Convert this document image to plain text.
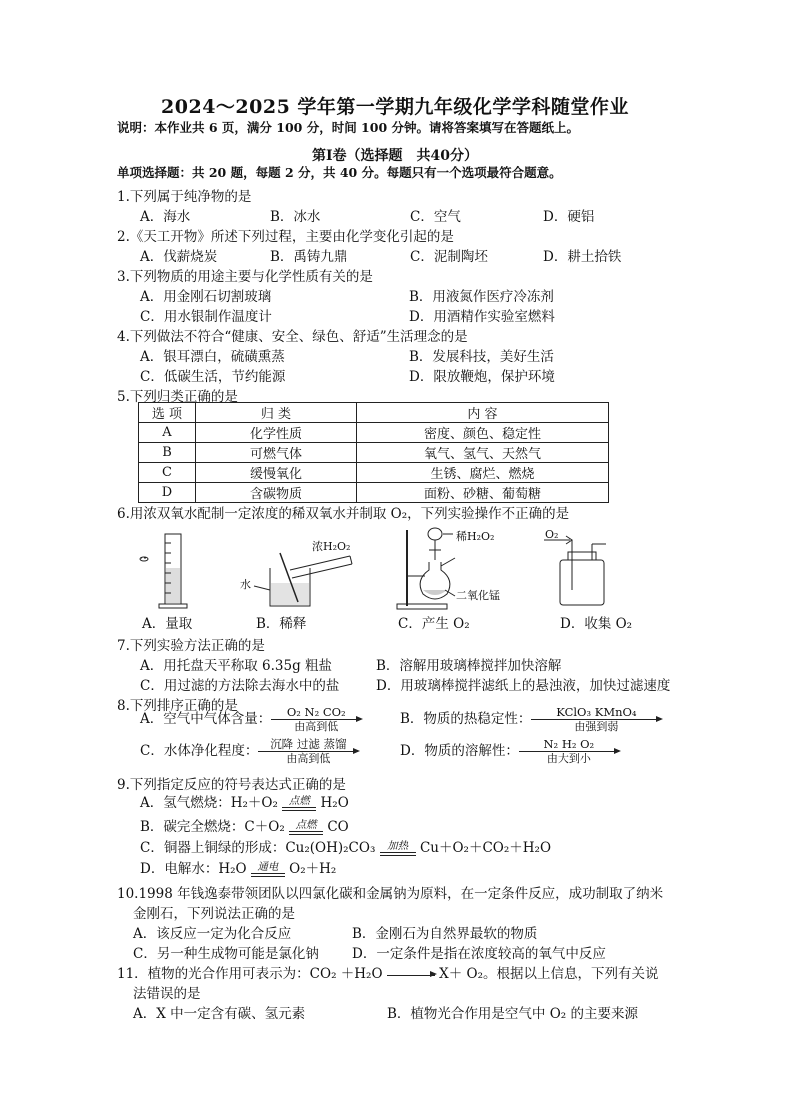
2024～2025 学年第一学期九年级化学学科随堂作业
说明：本作业共 6 页，满分 100 分，时间 100 分钟。请将答案填写在答题纸上。
第Ⅰ卷（选择题　共40分）
单项选择题：共 20 题，每题 2 分，共 40 分。每题只有一个选项最符合题意。
1.下列属于纯净物的是
A．海水	B．冰水	C．空气	D．硬铝
2.《天工开物》所述下列过程，主要由化学变化引起的是
A．伐薪烧炭	B．禹铸九鼎	C．泥制陶坯	D．耕土拾铁
3.下列物质的用途主要与化学性质有关的是
A．用金刚石切割玻璃	B．用液氮作医疗冷冻剂
C．用水银制作温度计	D．用酒精作实验室燃料
4.下列做法不符合“健康、安全、绿色、舒适”生活理念的是
A．银耳漂白，硫磺熏蒸	B．发展科技，美好生活
C．低碳生活，节约能源	D．限放鞭炮，保护环境
5.下列归类正确的是
选 项	归 类	内 容
A	化学性质	密度、颜色、稳定性
B	可燃气体	氧气、氢气、天然气
C	缓慢氧化	生锈、腐烂、燃烧
D	含碳物质	面粉、砂糖、葡萄糖
6.用浓双氧水配制一定浓度的稀双氧水并制取 O₂，下列实验操作不正确的是
浓H₂O₂
水
稀H₂O₂
二氧化锰
O₂
A．量取	B．稀释	C．产生 O₂	D．收集 O₂
7.下列实验方法正确的是
A．用托盘天平称取 6.35g 粗盐	B．溶解用玻璃棒搅拌加快溶解
C．用过滤的方法除去海水中的盐	D．用玻璃棒搅拌滤纸上的悬浊液，加快过滤速度
8.下列排序正确的是
A．空气中气体含量：	O₂ N₂ CO₂
由高到低	B．物质的热稳定性：	KClO₃ KMnO₄
由强到弱
C．水体净化程度：	沉降 过滤 蒸馏
由高到低	D．物质的溶解性：	N₂ H₂ O₂
由大到小
9.下列指定反应的符号表达式正确的是
A．氢气燃烧：H₂＋O₂	点燃 H₂O
B．碳完全燃烧：C＋O₂	点燃 CO
C．铜器上铜绿的形成：Cu₂(OH)₂CO₃	加热 Cu＋O₂＋CO₂＋H₂O
D．电解水：H₂O	通电 O₂＋H₂
10.1998 年钱逸泰带领团队以四氯化碳和金属钠为原料，在一定条件反应，成功制取了纳米
金刚石，下列说法正确的是
A．该反应一定为化合反应	B．金刚石为自然界最软的物质
C．另一种生成物可能是氯化钠 D．一定条件是指在浓度较高的氧气中反应
11．植物的光合作用可表示为：CO₂ ＋H₂O	X＋ O₂。根据以上信息，下列有关说
法错误的是
A．X 中一定含有碳、氢元素	B．植物光合作用是空气中 O₂ 的主要来源
